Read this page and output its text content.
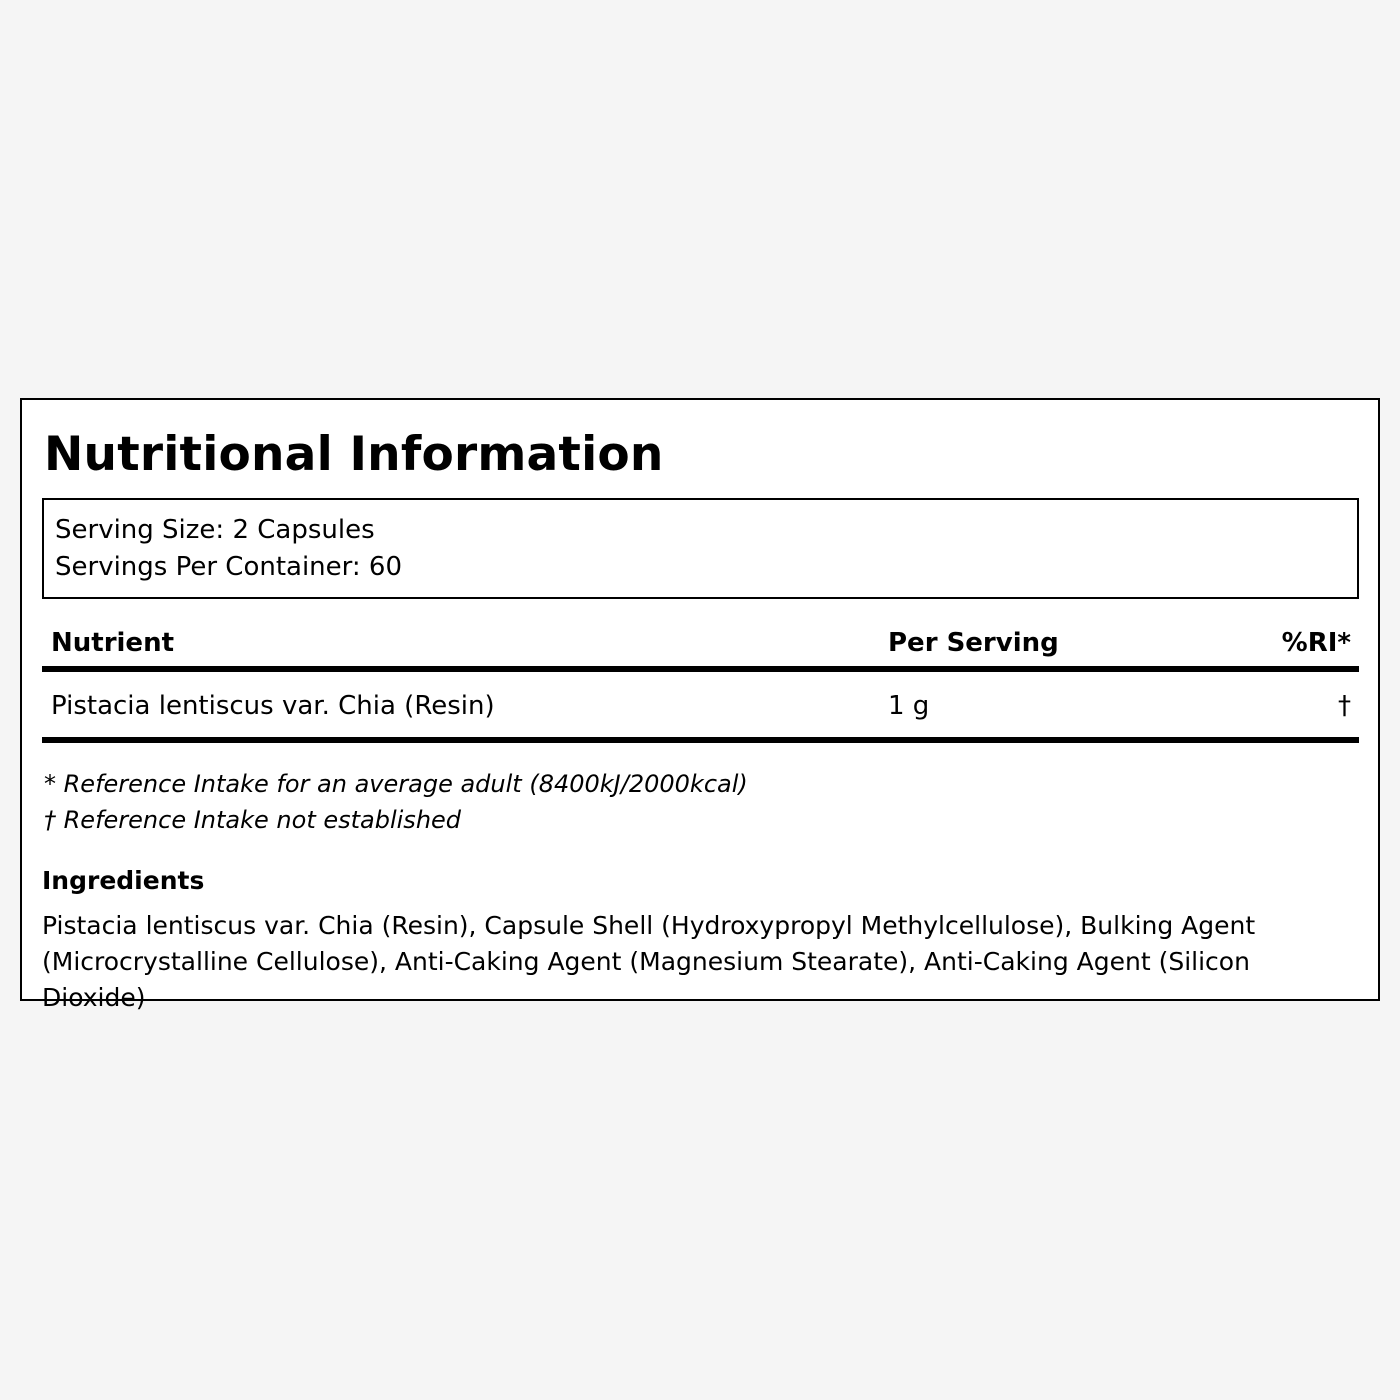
Nutritional Information
Serving Size: 2 Capsules
Servings Per Container: 60
Nutrient	Per Serving	%RI*
Pistacia lentiscus var. Chia (Resin)	1 g	†
* Reference Intake for an average adult (8400kJ/2000kcal)
† Reference Intake not established
Ingredients
Pistacia lentiscus var. Chia (Resin), Capsule Shell (Hydroxypropyl Methylcellulose), Bulking Agent (Microcrystalline Cellulose), Anti-Caking Agent (Magnesium Stearate), Anti-Caking Agent (Silicon Dioxide)
